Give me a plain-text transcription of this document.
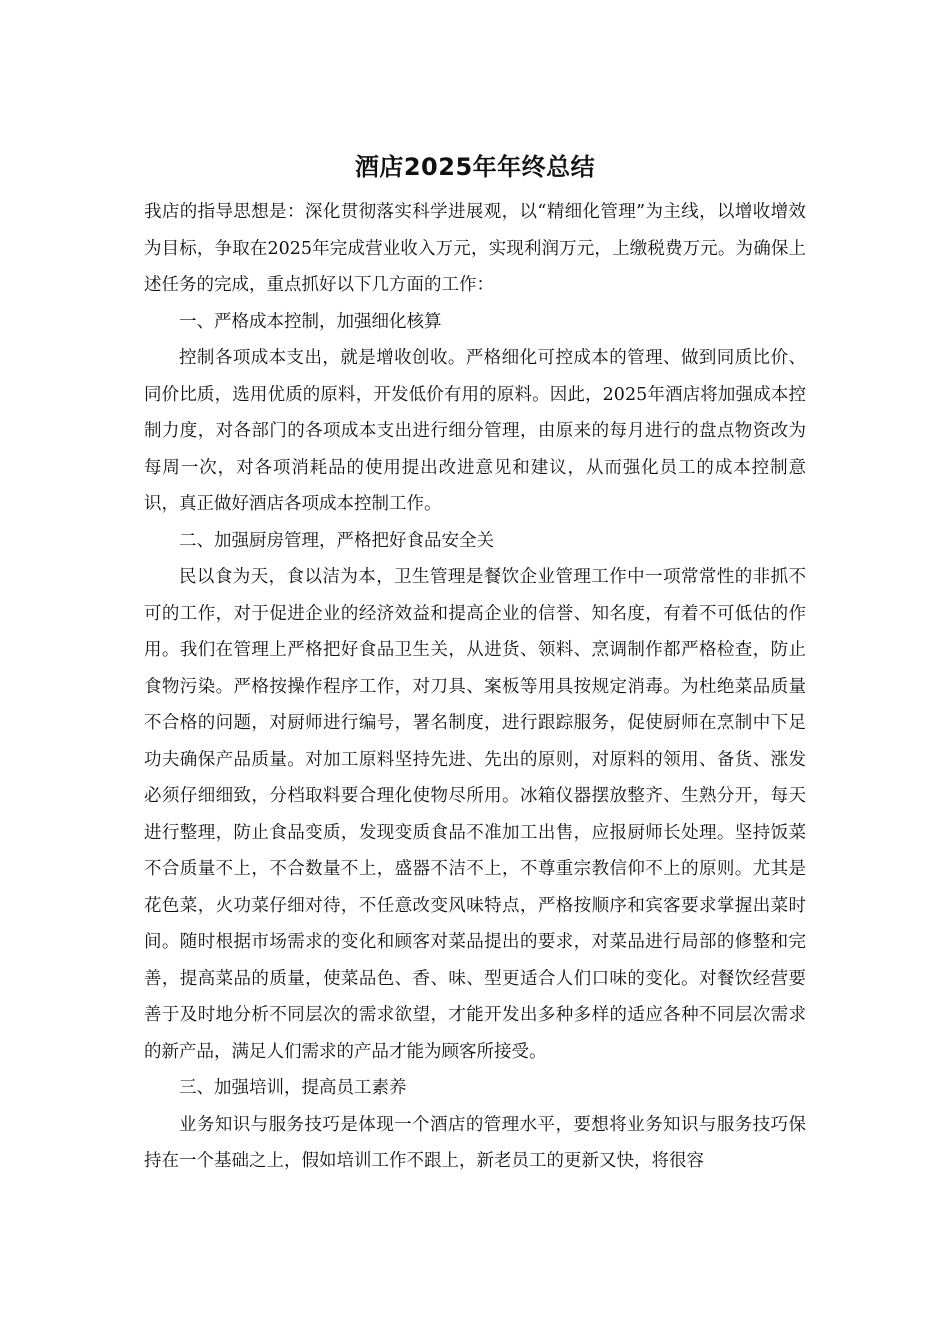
酒店2025年年终总结

我店的指导思想是：深化贯彻落实科学进展观，以“精细化管理”为主线，以增收增效为目标，争取在2025年完成营业收入万元，实现利润万元，上缴税费万元。为确保上述任务的完成，重点抓好以下几方面的工作：

一、严格成本控制，加强细化核算

控制各项成本支出，就是增收创收。严格细化可控成本的管理、做到同质比价、同价比质，选用优质的原料，开发低价有用的原料。因此，2025年酒店将加强成本控制力度，对各部门的各项成本支出进行细分管理，由原来的每月进行的盘点物资改为每周一次，对各项消耗品的使用提出改进意见和建议，从而强化员工的成本控制意识，真正做好酒店各项成本控制工作。

二、加强厨房管理，严格把好食品安全关

民以食为天，食以洁为本，卫生管理是餐饮企业管理工作中一项常常性的非抓不可的工作，对于促进企业的经济效益和提高企业的信誉、知名度，有着不可低估的作用。我们在管理上严格把好食品卫生关，从进货、领料、烹调制作都严格检查，防止食物污染。严格按操作程序工作，对刀具、案板等用具按规定消毒。为杜绝菜品质量不合格的问题，对厨师进行编号，署名制度，进行跟踪服务，促使厨师在烹制中下足功夫确保产品质量。对加工原料坚持先进、先出的原则，对原料的领用、备货、涨发必须仔细细致，分档取料要合理化使物尽所用。冰箱仪器摆放整齐、生熟分开，每天进行整理，防止食品变质，发现变质食品不准加工出售，应报厨师长处理。坚持饭菜不合质量不上，不合数量不上，盛器不洁不上，不尊重宗教信仰不上的原则。尤其是花色菜，火功菜仔细对待，不任意改变风味特点，严格按顺序和宾客要求掌握出菜时间。随时根据市场需求的变化和顾客对菜品提出的要求，对菜品进行局部的修整和完善，提高菜品的质量，使菜品色、香、味、型更适合人们口味的变化。对餐饮经营要善于及时地分析不同层次的需求欲望，才能开发出多种多样的适应各种不同层次需求的新产品，满足人们需求的产品才能为顾客所接受。

三、加强培训，提高员工素养

业务知识与服务技巧是体现一个酒店的管理水平，要想将业务知识与服务技巧保持在一个基础之上，假如培训工作不跟上，新老员工的更新又快，将很容
